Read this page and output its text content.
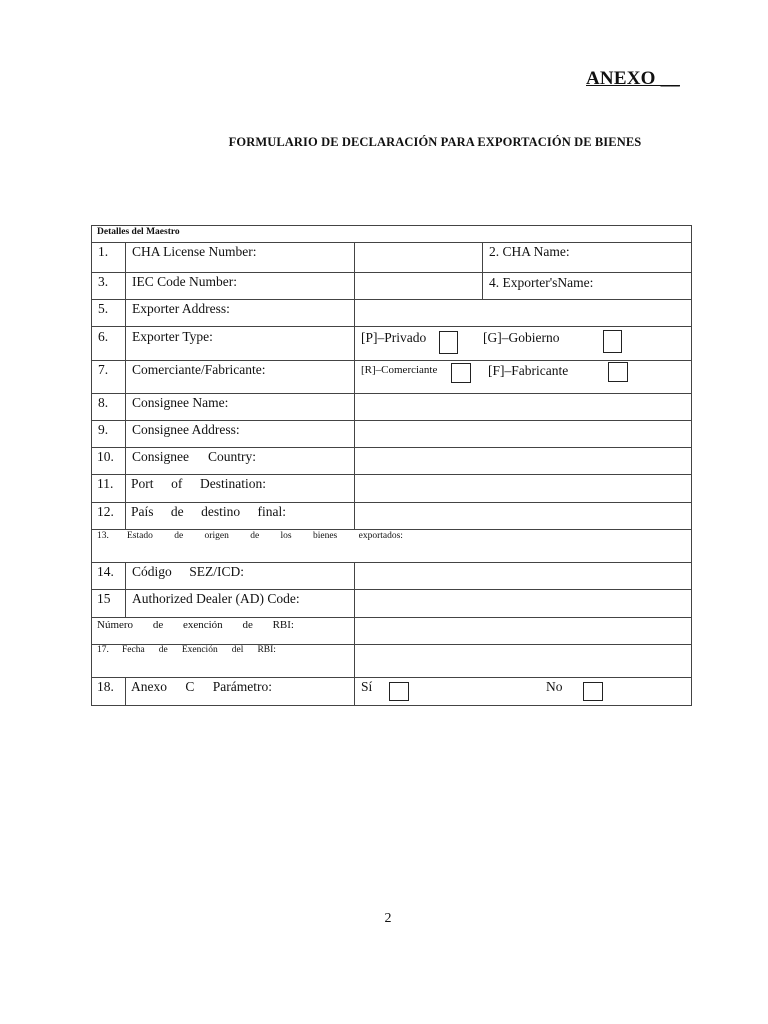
ANEXO __
FORMULARIO DE DECLARACIÓN PARA EXPORTACIÓN DE BIENES
Detalles del Maestro
1. CHA License Number:	2. CHA Name:
3. IEC Code Number:	4. Exporter'sName:
5. Exporter Address:
6. Exporter Type:	[P]–Privado	[G]–Gobierno
7. Comerciante/Fabricante:	[R]–Comerciante	[F]–Fabricante
8. Consignee Name:
9. Consignee Address:
10. Consignee Country:
11. Port of Destination:
12. País de destino final:
13. Estado de origen de los bienes exportados:
14. Código SEZ/ICD:
15 Authorized Dealer (AD) Code:
Número de exención de RBI:
17. Fecha de Exención del RBI:
18. Anexo C Parámetro:	Sí	No
2
